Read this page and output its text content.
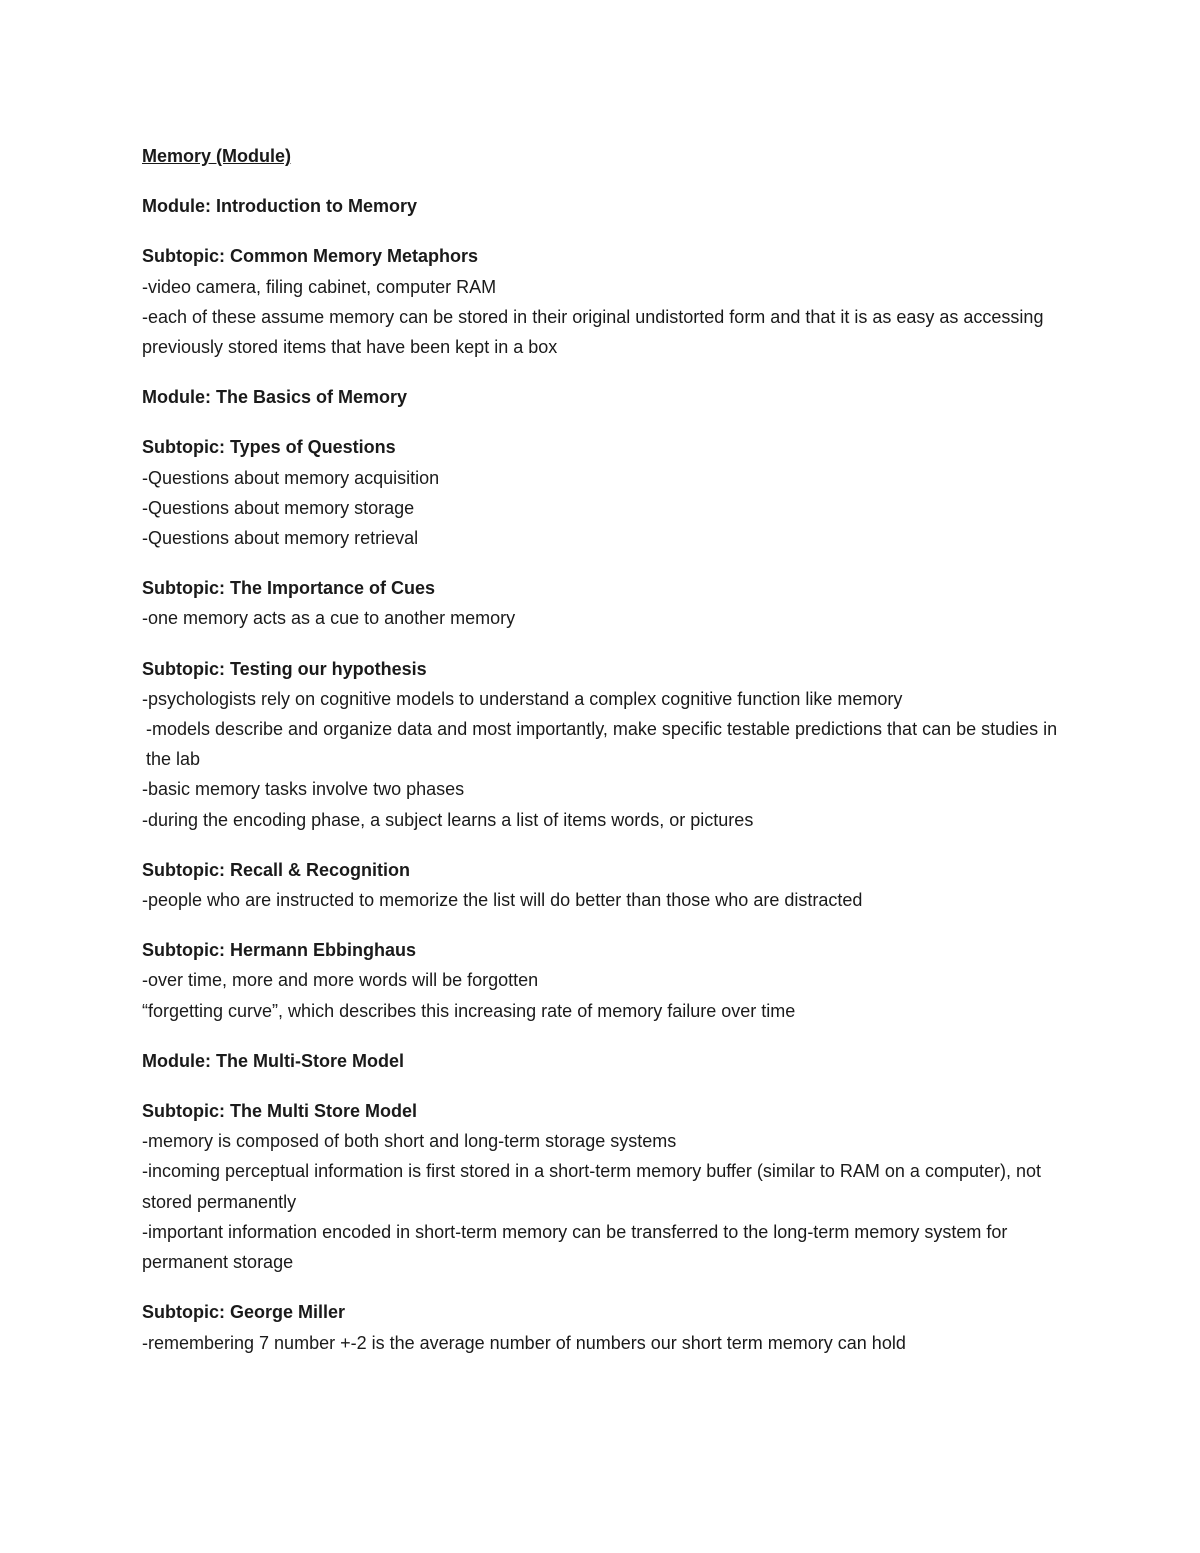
Memory (Module)
Module: Introduction to Memory
Subtopic: Common Memory Metaphors
-video camera, filing cabinet, computer RAM
-each of these assume memory can be stored in their original undistorted form and that it is as easy as accessing previously stored items that have been kept in a box
Module: The Basics of Memory
Subtopic: Types of Questions
-Questions about memory acquisition
-Questions about memory storage
-Questions about memory retrieval
Subtopic: The Importance of Cues
-one memory acts as a cue to another memory
Subtopic: Testing our hypothesis
-psychologists rely on cognitive models to understand a complex cognitive function like memory
-models describe and organize data and most importantly, make specific testable predictions that can be studies in the lab
-basic memory tasks involve two phases
-during the encoding phase, a subject learns a list of items words, or pictures
Subtopic: Recall & Recognition
-people who are instructed to memorize the list will do better than those who are distracted
Subtopic: Hermann Ebbinghaus
-over time, more and more words will be forgotten
“forgetting curve”, which describes this increasing rate of memory failure over time
Module: The Multi-Store Model
Subtopic: The Multi Store Model
-memory is composed of both short and long-term storage systems
-incoming perceptual information is first stored in a short-term memory buffer (similar to RAM on a computer), not stored permanently
-important information encoded in short-term memory can be transferred to the long-term memory system for permanent storage
Subtopic: George Miller
-remembering 7 number +-2 is the average number of numbers our short term memory can hold
